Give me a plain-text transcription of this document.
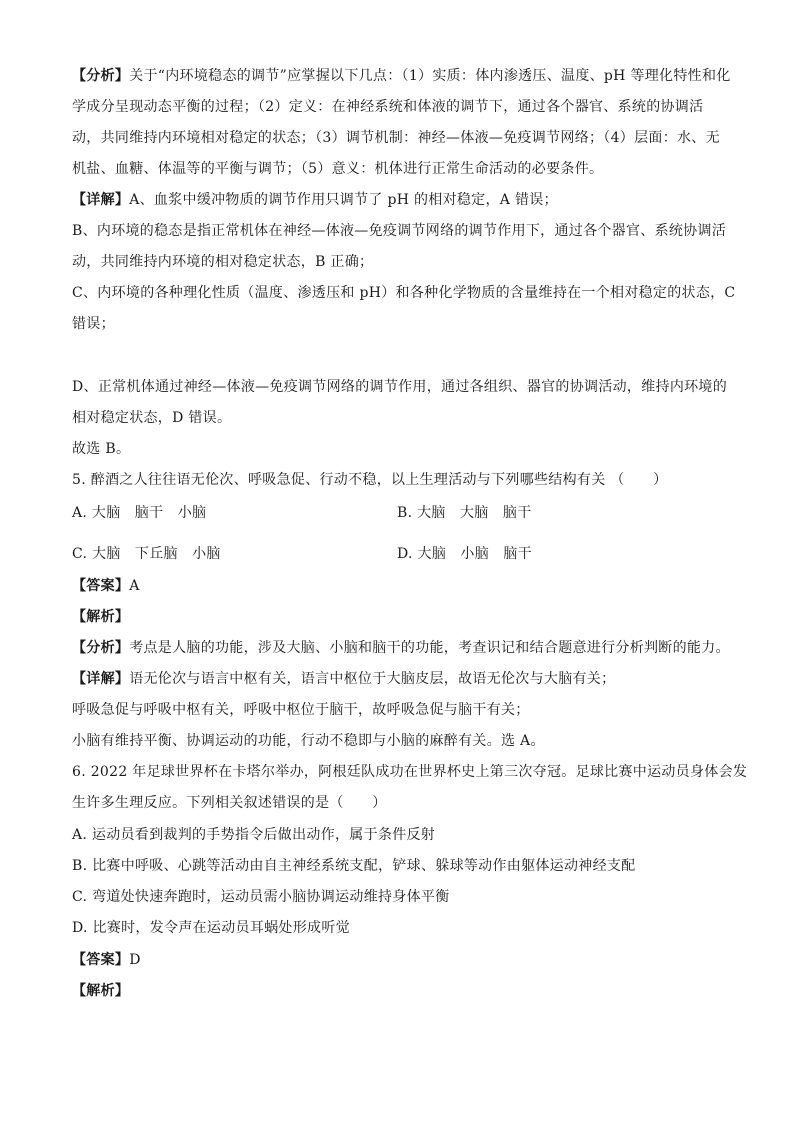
【分析】关于“内环境稳态的调节”应掌握以下几点：（1）实质：体内渗透压、温度、pH 等理化特性和化
学成分呈现动态平衡的过程；（2）定义：在神经系统和体液的调节下，通过各个器官、系统的协调活
动，共同维持内环境相对稳定的状态；（3）调节机制：神经—体液—免疫调节网络；（4）层面：水、无
机盐、血糖、体温等的平衡与调节；（5）意义：机体进行正常生命活动的必要条件。
【详解】A、血浆中缓冲物质的调节作用只调节了 pH 的相对稳定，A 错误；
B、内环境的稳态是指正常机体在神经—体液—免疫调节网络的调节作用下，通过各个器官、系统协调活
动，共同维持内环境的相对稳定状态，B 正确；
C、内环境的各种理化性质（温度、渗透压和 pH）和各种化学物质的含量维持在一个相对稳定的状态，C
错误；
D、正常机体通过神经—体液—免疫调节网络的调节作用，通过各组织、器官的协调活动，维持内环境的
相对稳定状态，D 错误。
故选 B。
5. 醉酒之人往往语无伦次、呼吸急促、行动不稳，以上生理活动与下列哪些结构有关 （　　）
A. 大脑　脑干　小脑	B. 大脑　大脑　脑干
C. 大脑　下丘脑　小脑	D. 大脑　小脑　脑干
【答案】A
【解析】
【分析】考点是人脑的功能，涉及大脑、小脑和脑干的功能，考查识记和结合题意进行分析判断的能力。
【详解】语无伦次与语言中枢有关，语言中枢位于大脑皮层，故语无伦次与大脑有关；
呼吸急促与呼吸中枢有关，呼吸中枢位于脑干，故呼吸急促与脑干有关；
小脑有维持平衡、协调运动的功能，行动不稳即与小脑的麻醉有关。选 A。
6. 2022 年足球世界杯在卡塔尔举办，阿根廷队成功在世界杯史上第三次夺冠。足球比赛中运动员身体会发
生许多生理反应。下列相关叙述错误的是（　　）
A. 运动员看到裁判的手势指令后做出动作，属于条件反射
B. 比赛中呼吸、心跳等活动由自主神经系统支配，铲球、躲球等动作由躯体运动神经支配
C. 弯道处快速奔跑时，运动员需小脑协调运动维持身体平衡
D. 比赛时，发令声在运动员耳蜗处形成听觉
【答案】D
【解析】
